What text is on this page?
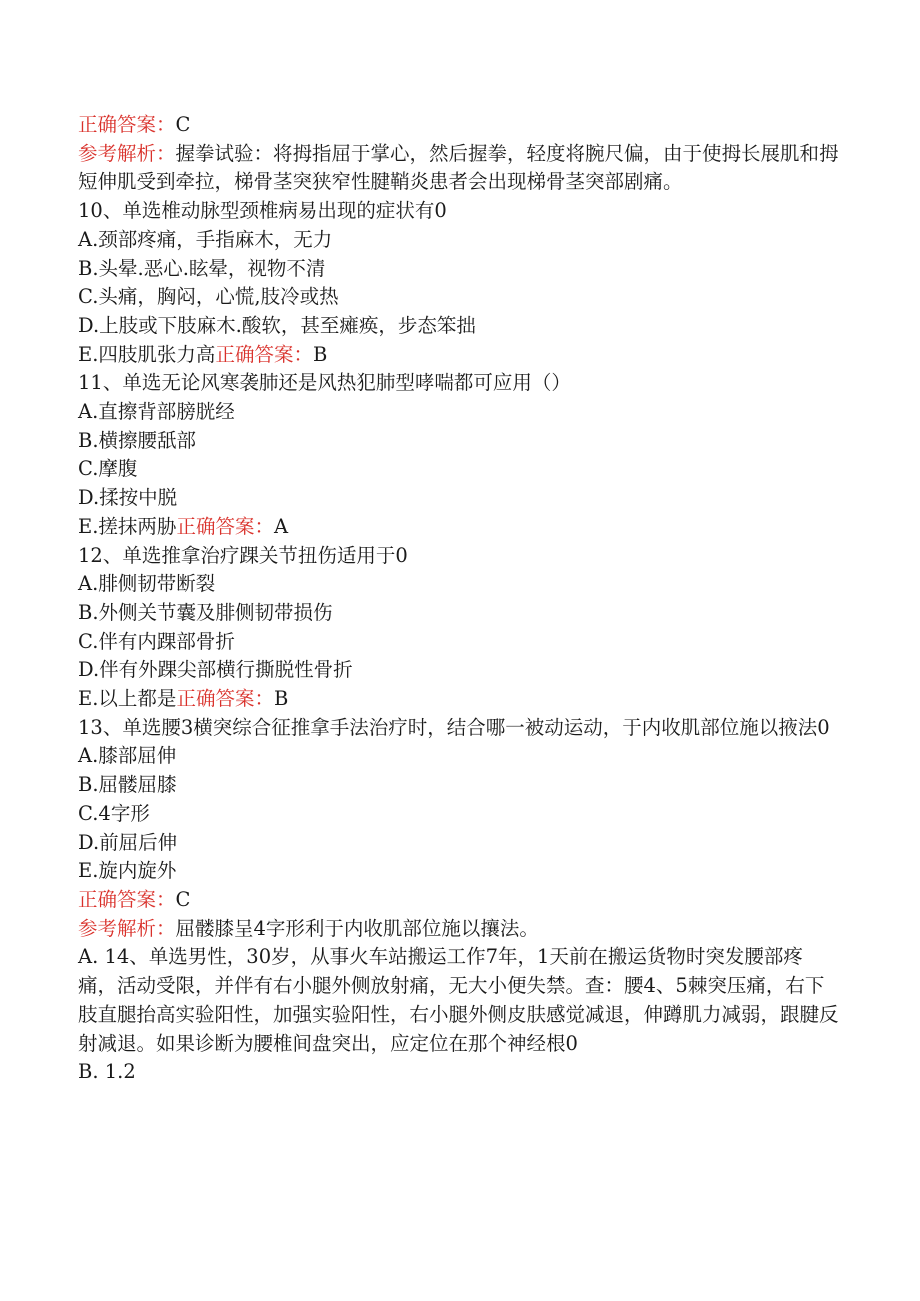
正确答案：C
参考解析：握拳试验：将拇指屈于掌心，然后握拳，轻度将腕尺偏，由于使拇长展肌和拇短伸肌受到牵拉，梯骨茎突狭窄性腱鞘炎患者会出现梯骨茎突部剧痛。
10、单选椎动脉型颈椎病易出现的症状有0
A.颈部疼痛，手指麻木，无力
B.头晕.恶心.眩晕，视物不清
C.头痛，胸闷，心慌,肢冷或热
D.上肢或下肢麻木.酸软，甚至瘫痪，步态笨拙
E.四肢肌张力高正确答案：B
11、单选无论风寒袭肺还是风热犯肺型哮喘都可应用（）
A.直擦背部膀胱经
B.横擦腰舐部
C.摩腹
D.揉按中脱
E.搓抹两胁正确答案：A
12、单选推拿治疗踝关节扭伤适用于0
A.腓侧韧带断裂
B.外侧关节囊及腓侧韧带损伤
C.伴有内踝部骨折
D.伴有外踝尖部横行撕脱性骨折
E.以上都是正确答案：B
13、单选腰3横突综合征推拿手法治疗时，结合哪一被动运动，于内收肌部位施以掖法0
A.膝部屈伸
B.屈髅屈膝
C.4字形
D.前屈后伸
E.旋内旋外
正确答案：C
参考解析：屈髅膝呈4字形利于内收肌部位施以攘法。
A. 14、单选男性，30岁，从事火车站搬运工作7年，1天前在搬运货物时突发腰部疼痛，活动受限，并伴有右小腿外侧放射痛，无大小便失禁。查：腰4、5棘突压痛，右下肢直腿抬高实验阳性，加强实验阳性，右小腿外侧皮肤感觉减退，伸蹲肌力减弱，跟腱反射减退。如果诊断为腰椎间盘突出，应定位在那个神经根0
B. 1.2
